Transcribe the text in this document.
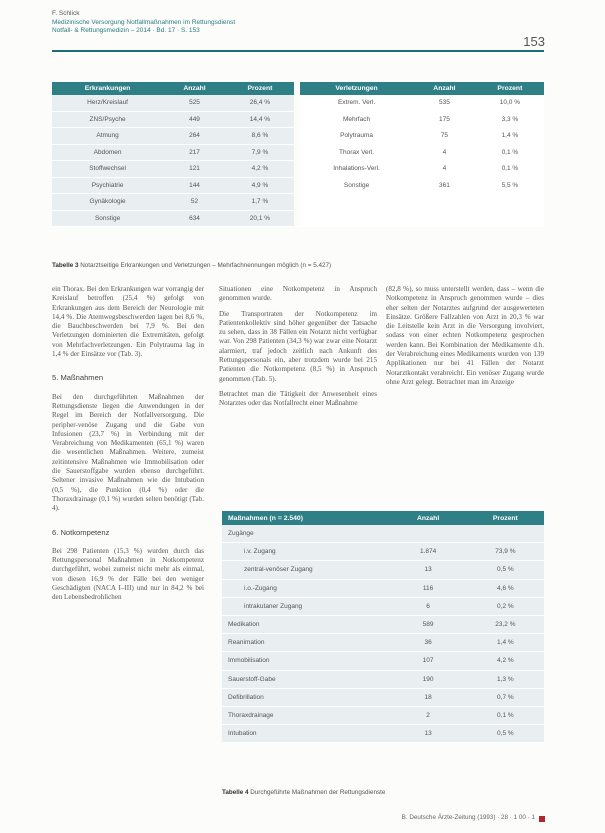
F. Schlick
Medizinische Versorgung Notfallmaßnahmen im Rettungsdienst
Notfall- & Rettungsmedizin – 2014 · Bd. 17 · S. 153
153
Erkrankungen	Anzahl	Prozent		Verletzungen	Anzahl	Prozent
Herz/Kreislauf	525	26,4 %		Extrem. Verl.	535	10,0 %
ZNS/Psyche	449	14,4 %		Mehrfach	175	3,3 %
Atmung	264	8,6 %		Polytrauma	75	1,4 %
Abdomen	217	7,9 %		Thorax Verl.	4	0,1 %
Stoffwechsel	121	4,2 %		Inhalations-Verl.	4	0,1 %
Psychiatrie	144	4,9 %		Sonstige	361	5,5 %
Gynäkologie	52	1,7 %				
Sonstige	634	20,1 %				
Tabelle 3 Notarztseitige Erkrankungen und Verletzungen – Mehrfachnennungen möglich (n = 5.427)

ein Thorax. Bei den Erkrankungen war vorrangig der Kreislauf betroffen (25,4 %) gefolgt von Erkrankungen aus dem Bereich der Neurologie mit 14,4 %. Die Atemwegsbeschwerden lagen bei 8,6 %, die Bauchbeschwerden bei 7,9 %. Bei den Verletzungen dominierten die Extremitäten, gefolgt von Mehrfachverletzungen. Ein Polytrauma lag in 1,4 % der Einsätze vor (Tab. 3).

5. Maßnahmen

Bei den durchgeführten Maßnahmen der Rettungsdienste liegen die Anwendungen in der Regel im Bereich der Notfallversorgung. Die peripher-venöse Zugang und die Gabe von Infusionen (23,7 %) in Verbindung mit der Verabreichung von Medikamenten (65,1 %) waren die wesentlichen Maßnahmen. Weitere, zumeist zeitintensive Maßnahmen wie Immobilisation oder die Sauerstoffgabe wurden ebenso durchgeführt. Seltener invasive Maßnahmen wie die Intubation (0,5 %), die Punktion (0,4 %) oder die Thoraxdrainage (0,1 %) wurden selten benötigt (Tab. 4).

6. Notkompetenz

Bei 298 Patienten (15,3 %) wurden durch das Rettungspersonal Maßnahmen in Notkompetenz durchgeführt, wobei zumeist nicht mehr als einmal, von diesen 16,9 % der Fälle bei den weniger Geschädigten (NACA I–III) und nur in 84,2 % bei den Lebensbedrohlichen

Situationen eine Notkompetenz in Anspruch genommen wurde.

Die Transportraten der Notkompetenz im Patientenkollektiv sind höher gegenüber der Tatsache zu sehen, dass in 38 Fällen ein Notarzt nicht verfügbar war. Von 298 Patienten (34,3 %) war zwar eine Notarzt alarmiert, traf jedoch zeitlich nach Ankunft des Rettungspersonals ein, aber trotzdem wurde bei 215 Patienten die Notkompetenz (8,5 %) in Anspruch genommen (Tab. 5).

Betrachtet man die Tätigkeit der Anwesenheit eines Notarztes oder das Notfallrecht einer Maßnahme

(82,8 %), so muss unterstellt werden, dass – wenn die Notkompetenz in Anspruch genommen wurde – dies eher selten der Notarztes aufgrund der ausgewerteten Einsätze. Größere Fallzahlen von Arzt in 20,3 % war die Leitstelle kein Arzt in die Versorgung involviert, sodass von einer echten Notkompetenz gesprochen werden kann. Bei Kombination der Medikamente d.h. der Verabreichung eines Medikaments wurden von 139 Applikationen nur bei 41 Fällen der Notarzt Notarztkontakt verabreicht. Ein venöser Zugang wurde ohne Arzt gelegt. Betrachtet man im Anzeige

Maßnahmen (n = 2.540)	Anzahl	Prozent
Zugänge		
i.v. Zugang	1.874	73,9 %
zentral-venöser Zugang	13	0,5 %
i.o.-Zugang	116	4,6 %
intrakutaner Zugang	6	0,2 %
Medikation	589	23,2 %
Reanimation	36	1,4 %
Immobilisation	107	4,2 %
Sauerstoff-Gabe	190	1,3 %
Defibrillation	18	0,7 %
Thoraxdrainage	2	0,1 %
Intubation	13	0,5 %
Tabelle 4 Durchgeführte Maßnahmen der Rettungsdienste
B. Deutsche Ärzte-Zeitung (1993) · 28 · 1 00 · 1
